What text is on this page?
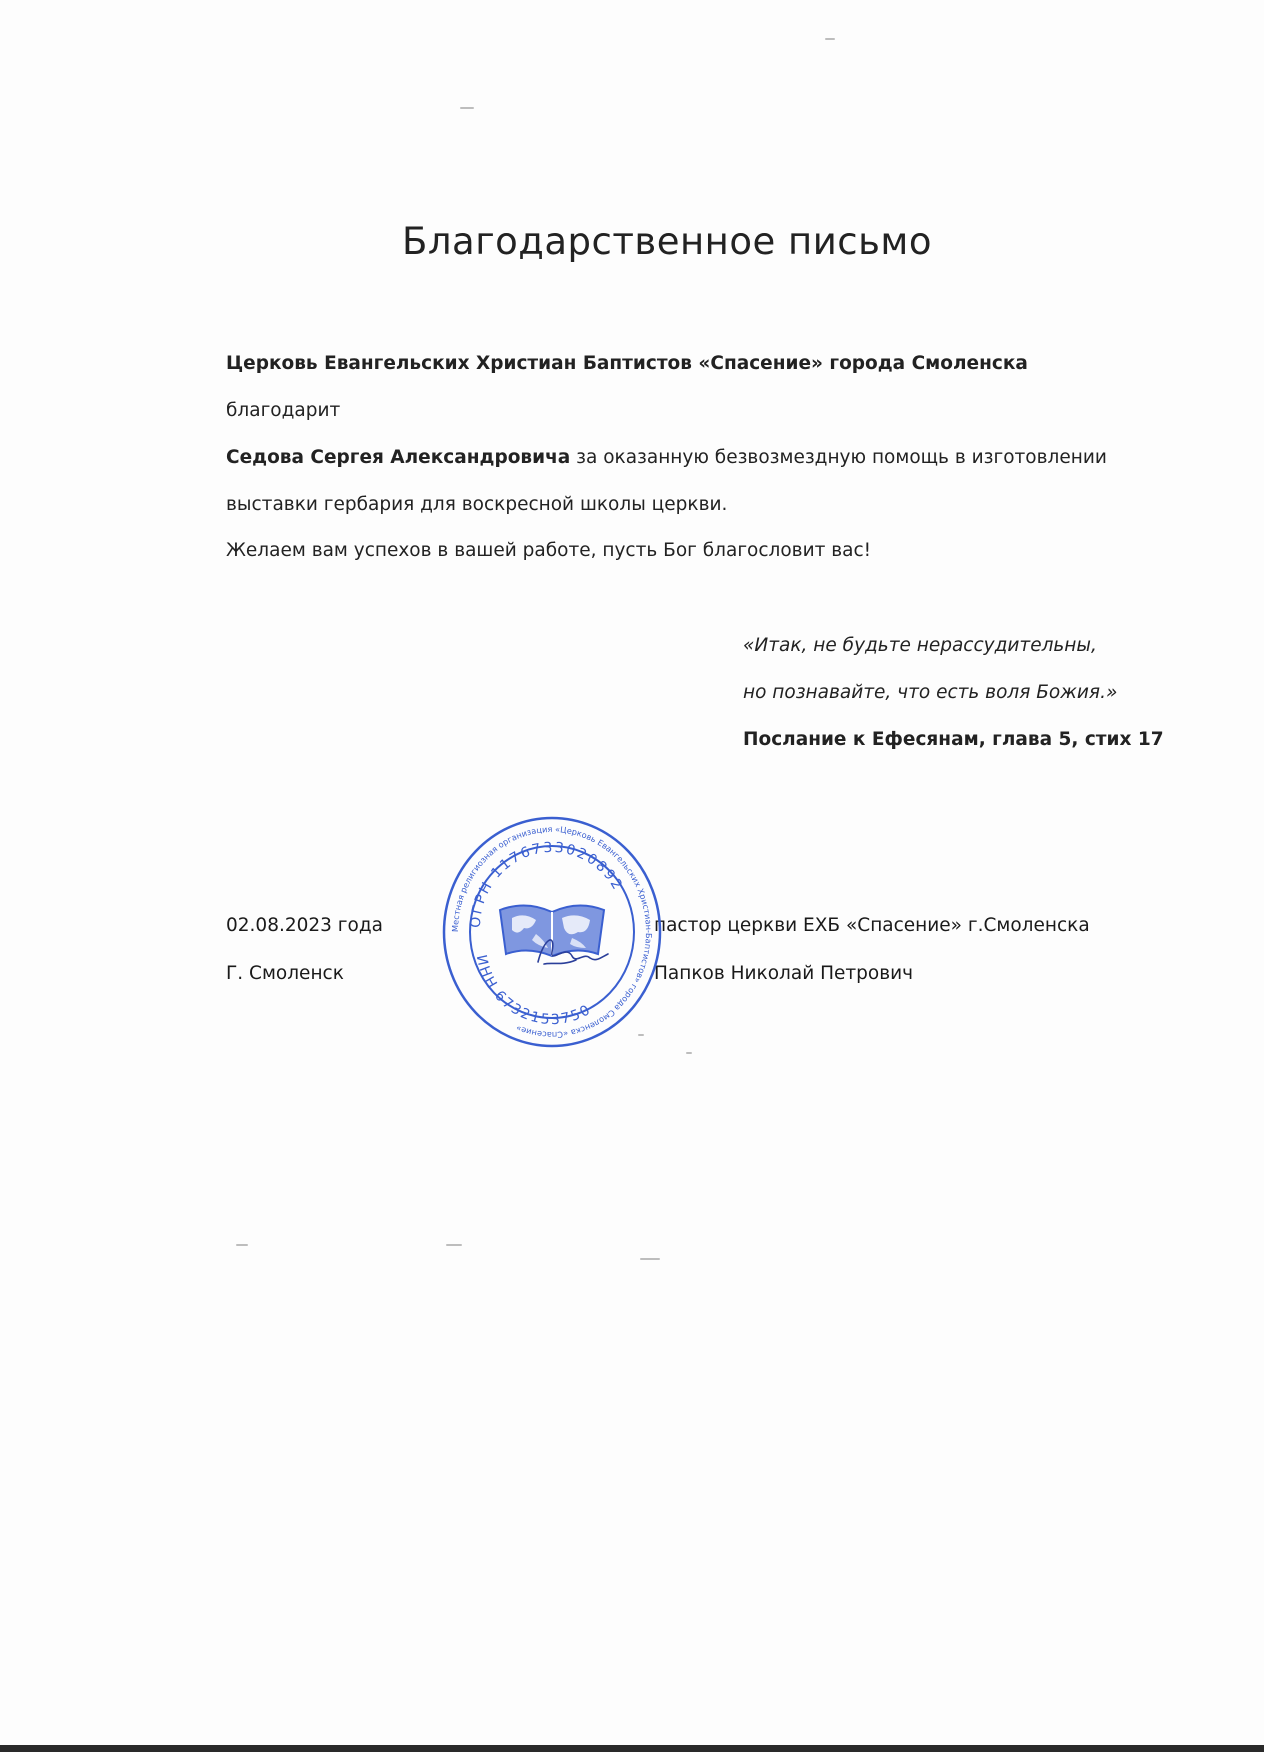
Благодарственное письмо
Церковь Евангельских Христиан Баптистов «Спасение» города Смоленска благодарит
Седова Сергея Александровича за оказанную безвозмездную помощь в изготовлении
выставки гербария для воскресной школы церкви.
Желаем вам успехов в вашей работе, пусть Бог благословит вас!
«Итак, не будьте нерассудительны,
но познавайте, что есть воля Божия.»
Послание к Ефесянам, глава 5, стих 17
02.08.2023 года
Г. Смоленск
пастор церкви ЕХБ «Спасение» г.Смоленска
Папков Николай Петрович
Местная религиозная организация «Церковь Евангельских Христиан-Баптистов» города Смоленска «Спасение»
ОГРН 1176733020892
ИНН 6732153750
